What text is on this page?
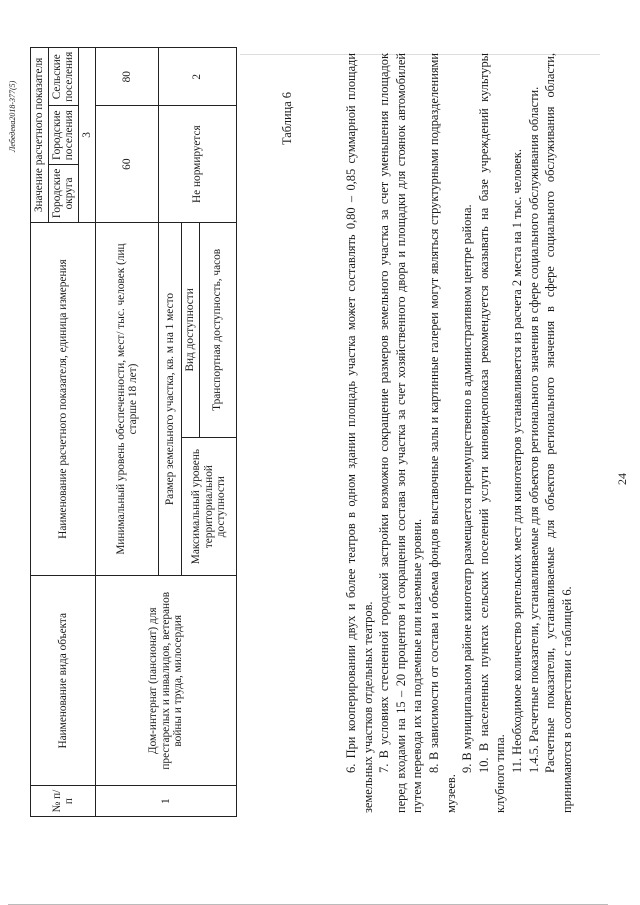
24

6. При кооперировании двух и более театров в одном здании площадь участка может составлять 0,80 – 0,85 суммарной площади земельных участков отдельных театров. 7. В условиях стесненной городской застройки возможно сокращение размеров земельного участка за счет уменьшения площадок перед входами на 15 – 20 процентов и сокращения состава зон участка за счет хозяйственного двора и площадки для стоянок автомобилей путем перевода их на подземные или наземные уровни. 8. В зависимости от состава и объема фондов выставочные залы и картинные галереи могут являться структурными подразделениями музеев.

9. В муниципальном районе кинотеатр размещается преимущественно в административном центре района. 10. В населенных пунктах сельских поселений услуги киновидеопоказа рекомендуется оказывать на базе учреждений культуры клубного типа.

11. Необходимое количество зрительских мест для кинотеатров устанавливается из расчета 2 места на 1 тыс. человек. 1.4.5. Расчетные показатели, устанавливаемые для объектов регионального значения в сфере социального обслуживания области. Расчетные показатели, устанавливаемые для объектов регионального значения в сфере социального обслуживания области, принимаются в соответствии с таблицей 6.

Таблица 6
№ п/п	Наименование вида объекта	Наименование расчетного показателя, единица измерения		Значение расчетного показателя		
				Городские округа	Городские поселения	Сельские поселения
				3		
1	Дом-интернат (пансионат) для престарелых и инвалидов, ветеранов войны и труда, милосердия	Минимальный уровень обеспеченности, мест/ тыс. человек (лиц старше 18 лет)		60		80
		Размер земельного участка, кв. м на 1 место		Не нормируется		2
		Максимальный уровень территориальной доступности	Вид доступности			
			Транспортная доступность, часов			
Лебедева2018-377(5)
